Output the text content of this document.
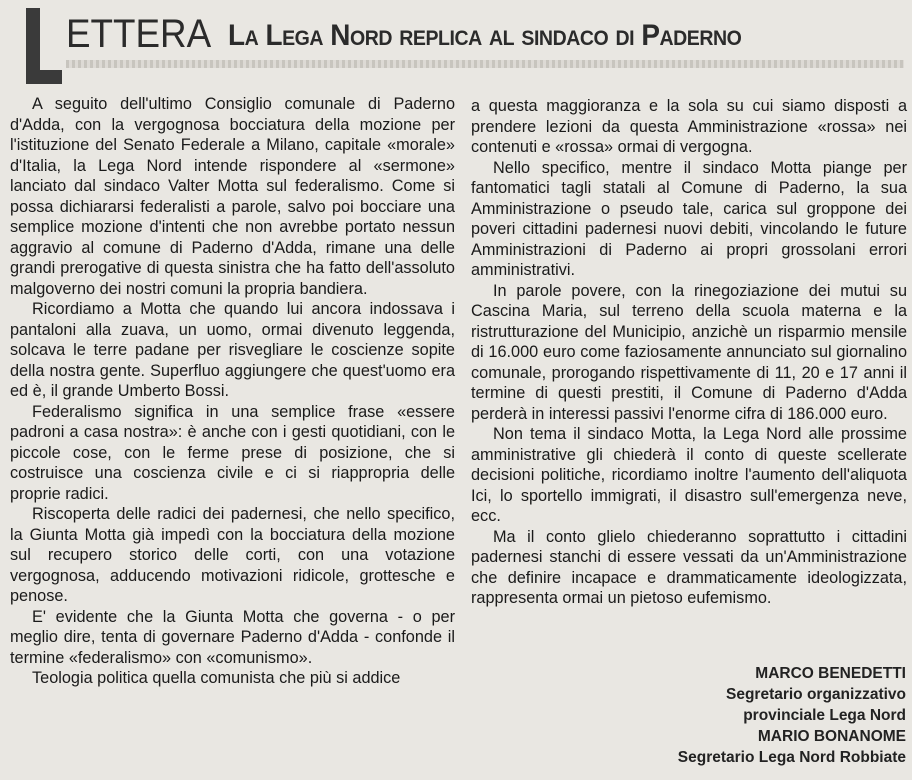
ETTERA La Lega Nord replica al sindaco di Paderno

A seguito dell'ultimo Consiglio comunale di Paderno d'Adda, con la vergognosa bocciatura della mozione per l'istituzione del Senato Federale a Milano, capitale «morale» d'Italia, la Lega Nord intende rispondere al «sermone» lanciato dal sindaco Valter Motta sul federalismo. Come si possa dichiararsi federalisti a parole, salvo poi bocciare una semplice mozione d'intenti che non avrebbe portato nessun aggravio al comune di Paderno d'Adda, rimane una delle grandi prerogative di questa sinistra che ha fatto dell'assoluto malgoverno dei nostri comuni la propria bandiera.

Ricordiamo a Motta che quando lui ancora indossava i pantaloni alla zuava, un uomo, ormai divenuto leggenda, solcava le terre padane per risvegliare le coscienze sopite della nostra gente. Superfluo aggiungere che quest'uomo era ed è, il grande Umberto Bossi.

Federalismo significa in una semplice frase «essere padroni a casa nostra»: è anche con i gesti quotidiani, con le piccole cose, con le ferme prese di posizione, che si costruisce una coscienza civile e ci si riappropria delle proprie radici.

Riscoperta delle radici dei padernesi, che nello specifico, la Giunta Motta già impedì con la bocciatura della mozione sul recupero storico delle corti, con una votazione vergognosa, adducendo motivazioni ridicole, grottesche e penose.

E' evidente che la Giunta Motta che governa - o per meglio dire, tenta di governare Paderno d'Adda - confonde il termine «federalismo» con «comunismo».

Teologia politica quella comunista che più si addice

a questa maggioranza e la sola su cui siamo disposti a prendere lezioni da questa Amministrazione «rossa» nei contenuti e «rossa» ormai di vergogna.

Nello specifico, mentre il sindaco Motta piange per fantomatici tagli statali al Comune di Paderno, la sua Amministrazione o pseudo tale, carica sul groppone dei poveri cittadini padernesi nuovi debiti, vincolando le future Amministrazioni di Paderno ai propri grossolani errori amministrativi.

In parole povere, con la rinegoziazione dei mutui su Cascina Maria, sul terreno della scuola materna e la ristrutturazione del Municipio, anzichè un risparmio mensile di 16.000 euro come faziosamente annunciato sul giornalino comunale, prorogando rispettivamente di 11, 20 e 17 anni il termine di questi prestiti, il Comune di Paderno d'Adda perderà in interessi passivi l'enorme cifra di 186.000 euro.

Non tema il sindaco Motta, la Lega Nord alle prossime amministrative gli chiederà il conto di queste scellerate decisioni politiche, ricordiamo inoltre l'aumento dell'aliquota Ici, lo sportello immigrati, il disastro sull'emergenza neve, ecc.

Ma il conto glielo chiederanno soprattutto i cittadini padernesi stanchi di essere vessati da un'Amministrazione che definire incapace e drammaticamente ideologizzata, rappresenta ormai un pietoso eufemismo.

MARCO BENEDETTI
Segretario organizzativo
provinciale Lega Nord
MARIO BONANOME
Segretario Lega Nord Robbiate
